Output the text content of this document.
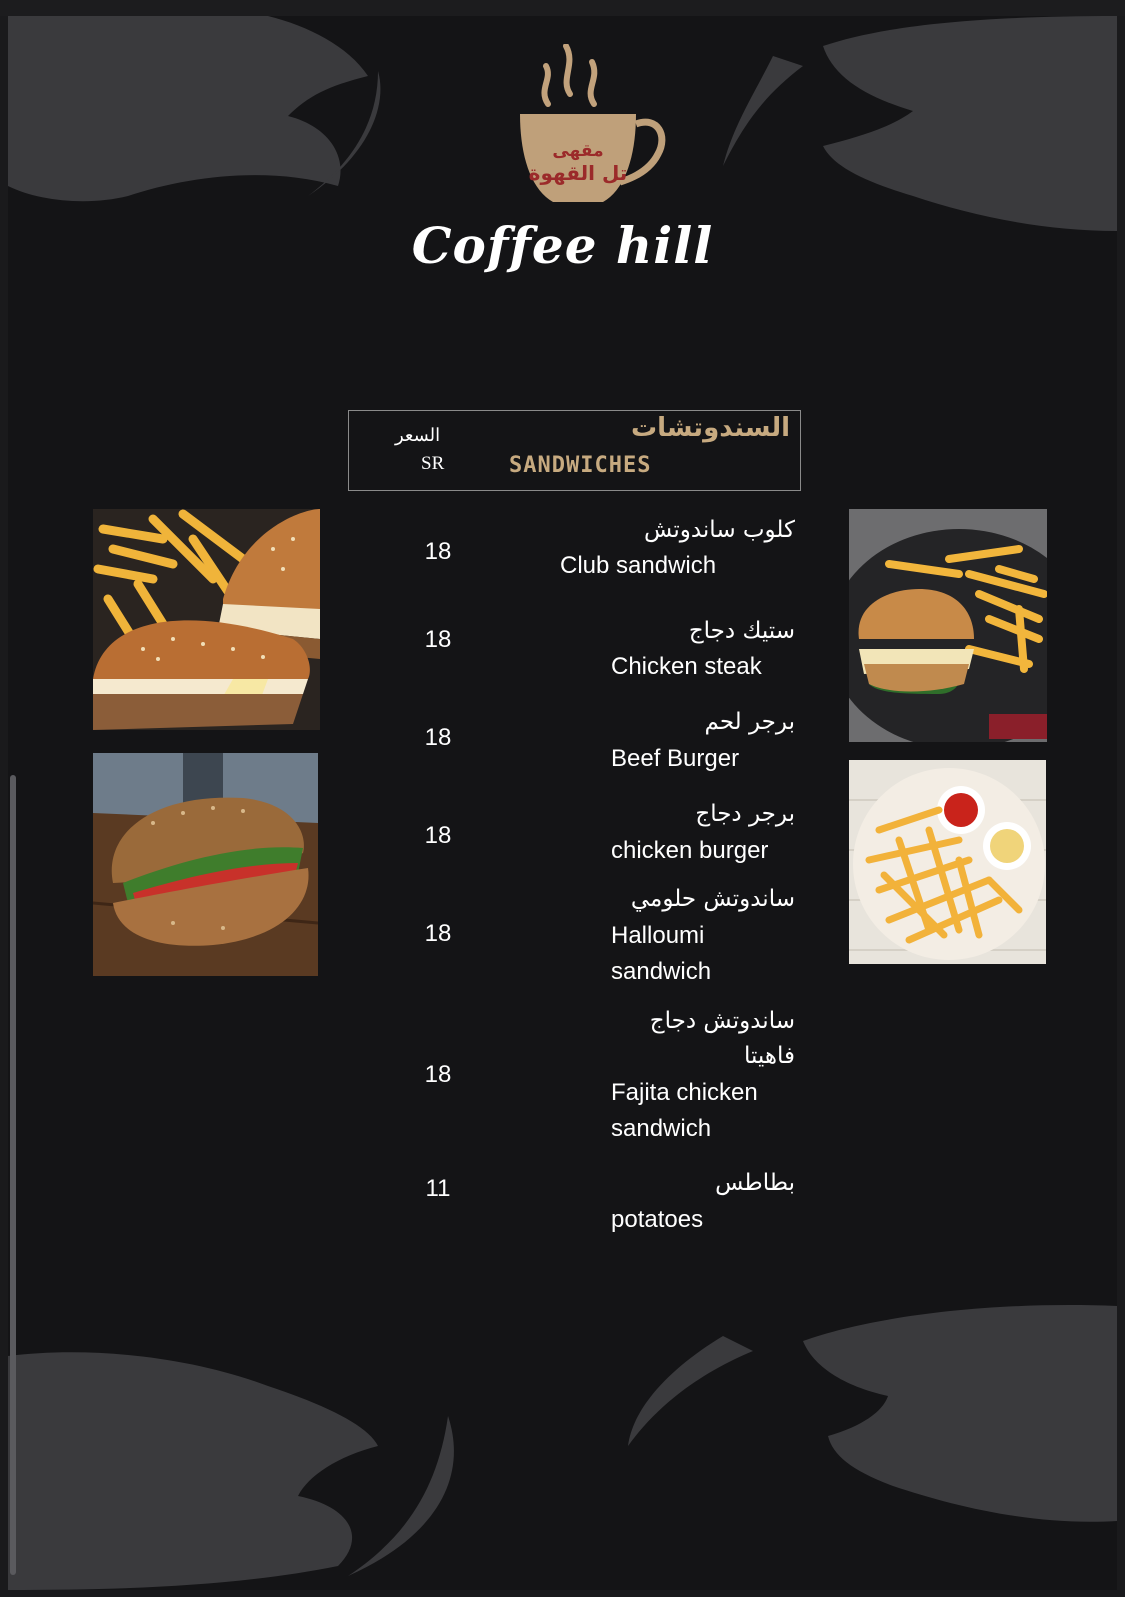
مقهى
تل القهوة
Coffee hill
السعر
SR
السندوتشات
SANDWICHES
18
كلوب ساندوتش
Club sandwich
18	ستيك دجاج
Chicken steak
18
برجر لحم
Beef Burger
18
برجر دجاج
chicken burger
18
ساندوتش حلومي
Halloumi sandwich
18
ساندوتش دجاج فاهيتا
Fajita chicken sandwich
11	بطاطس
potatoes
